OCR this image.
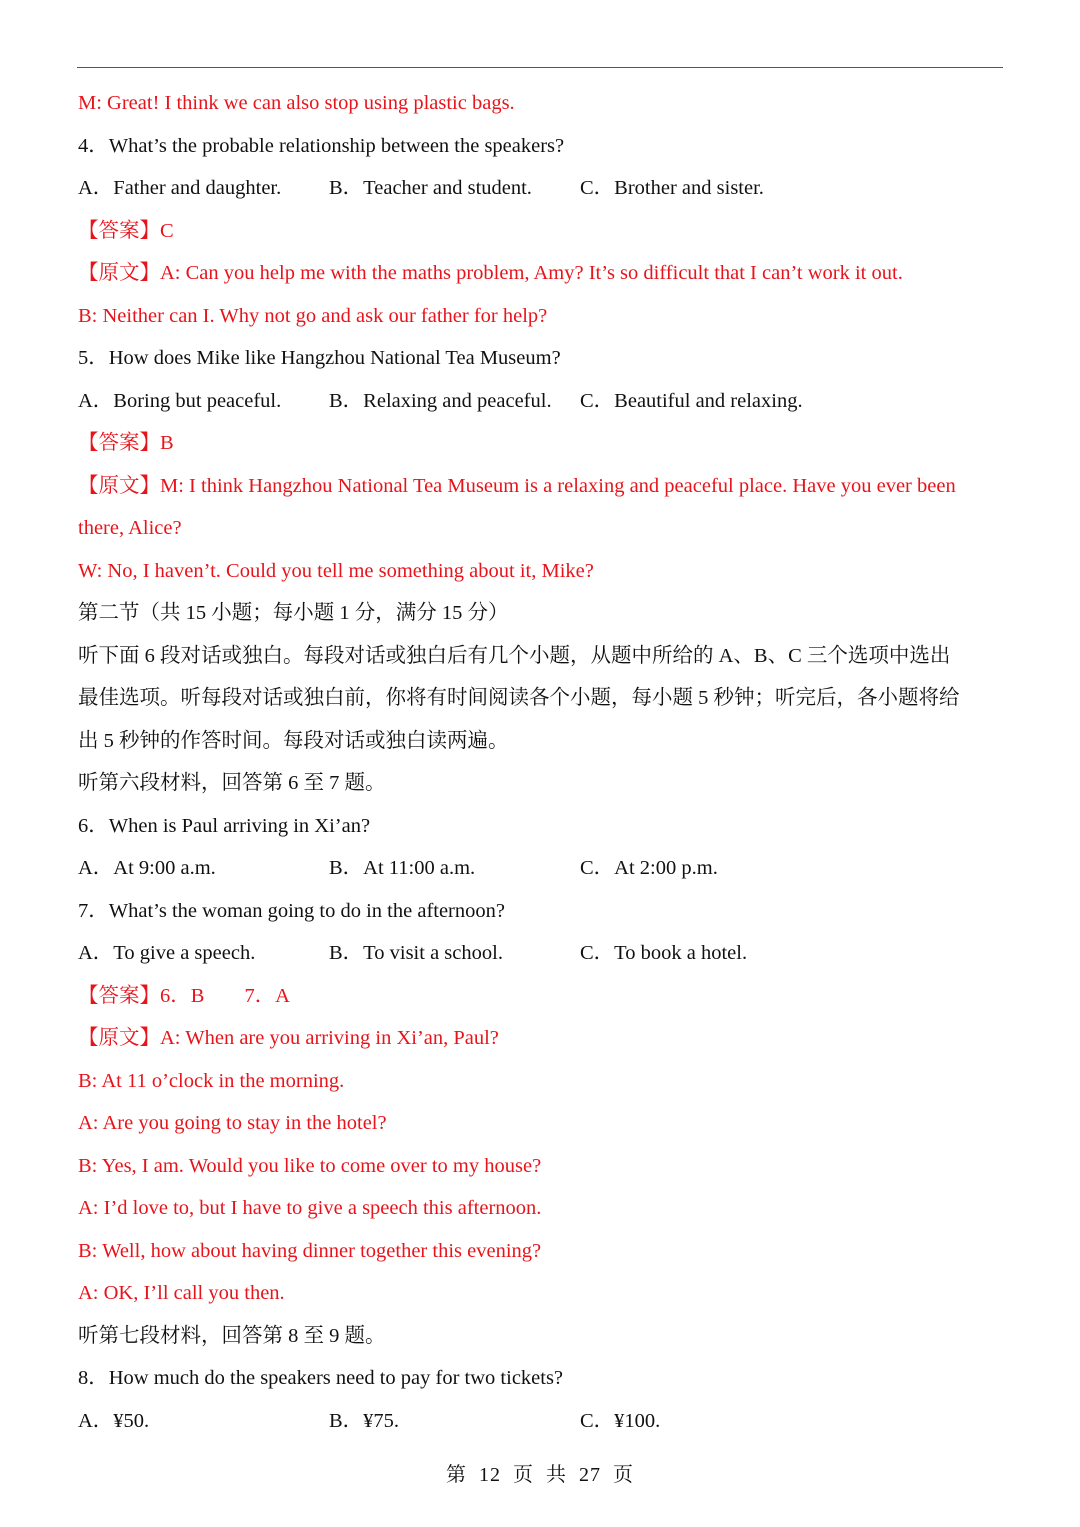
M: Great! I think we can also stop using plastic bags.
4．What’s the probable relationship between the speakers?
A．Father and daughter.	B．Teacher and student.	C．Brother and sister.
【答案】C
【原文】A: Can you help me with the maths problem, Amy? It’s so difficult that I can’t work it out.
B: Neither can I. Why not go and ask our father for help?
5．How does Mike like Hangzhou National Tea Museum?
A．Boring but peaceful.	B．Relaxing and peaceful.	C．Beautiful and relaxing.
【答案】B
【原文】M: I think Hangzhou National Tea Museum is a relaxing and peaceful place. Have you ever been
there, Alice?
W: No, I haven’t. Could you tell me something about it, Mike?
第二节（共 15 小题；每小题 1 分，满分 15 分）
听下面 6 段对话或独白。每段对话或独白后有几个小题，从题中所给的 A、B、C 三个选项中选出
最佳选项。听每段对话或独白前，你将有时间阅读各个小题，每小题 5 秒钟；听完后，各小题将给
出 5 秒钟的作答时间。每段对话或独白读两遍。
听第六段材料，回答第 6 至 7 题。
6．When is Paul arriving in Xi’an?
A．At 9:00 a.m.	B．At 11:00 a.m.	C．At 2:00 p.m.
7．What’s the woman going to do in the afternoon?
A．To give a speech.	B．To visit a school.	C．To book a hotel.
【答案】6．B 7．A
【原文】A: When are you arriving in Xi’an, Paul?
B: At 11 o’clock in the morning.
A: Are you going to stay in the hotel?
B: Yes, I am. Would you like to come over to my house?
A: I’d love to, but I have to give a speech this afternoon.
B: Well, how about having dinner together this evening?
A: OK, I’ll call you then.
听第七段材料，回答第 8 至 9 题。
8．How much do the speakers need to pay for two tickets?
A．¥50.	B．¥75.	C．¥100.
第 12 页 共 27 页
